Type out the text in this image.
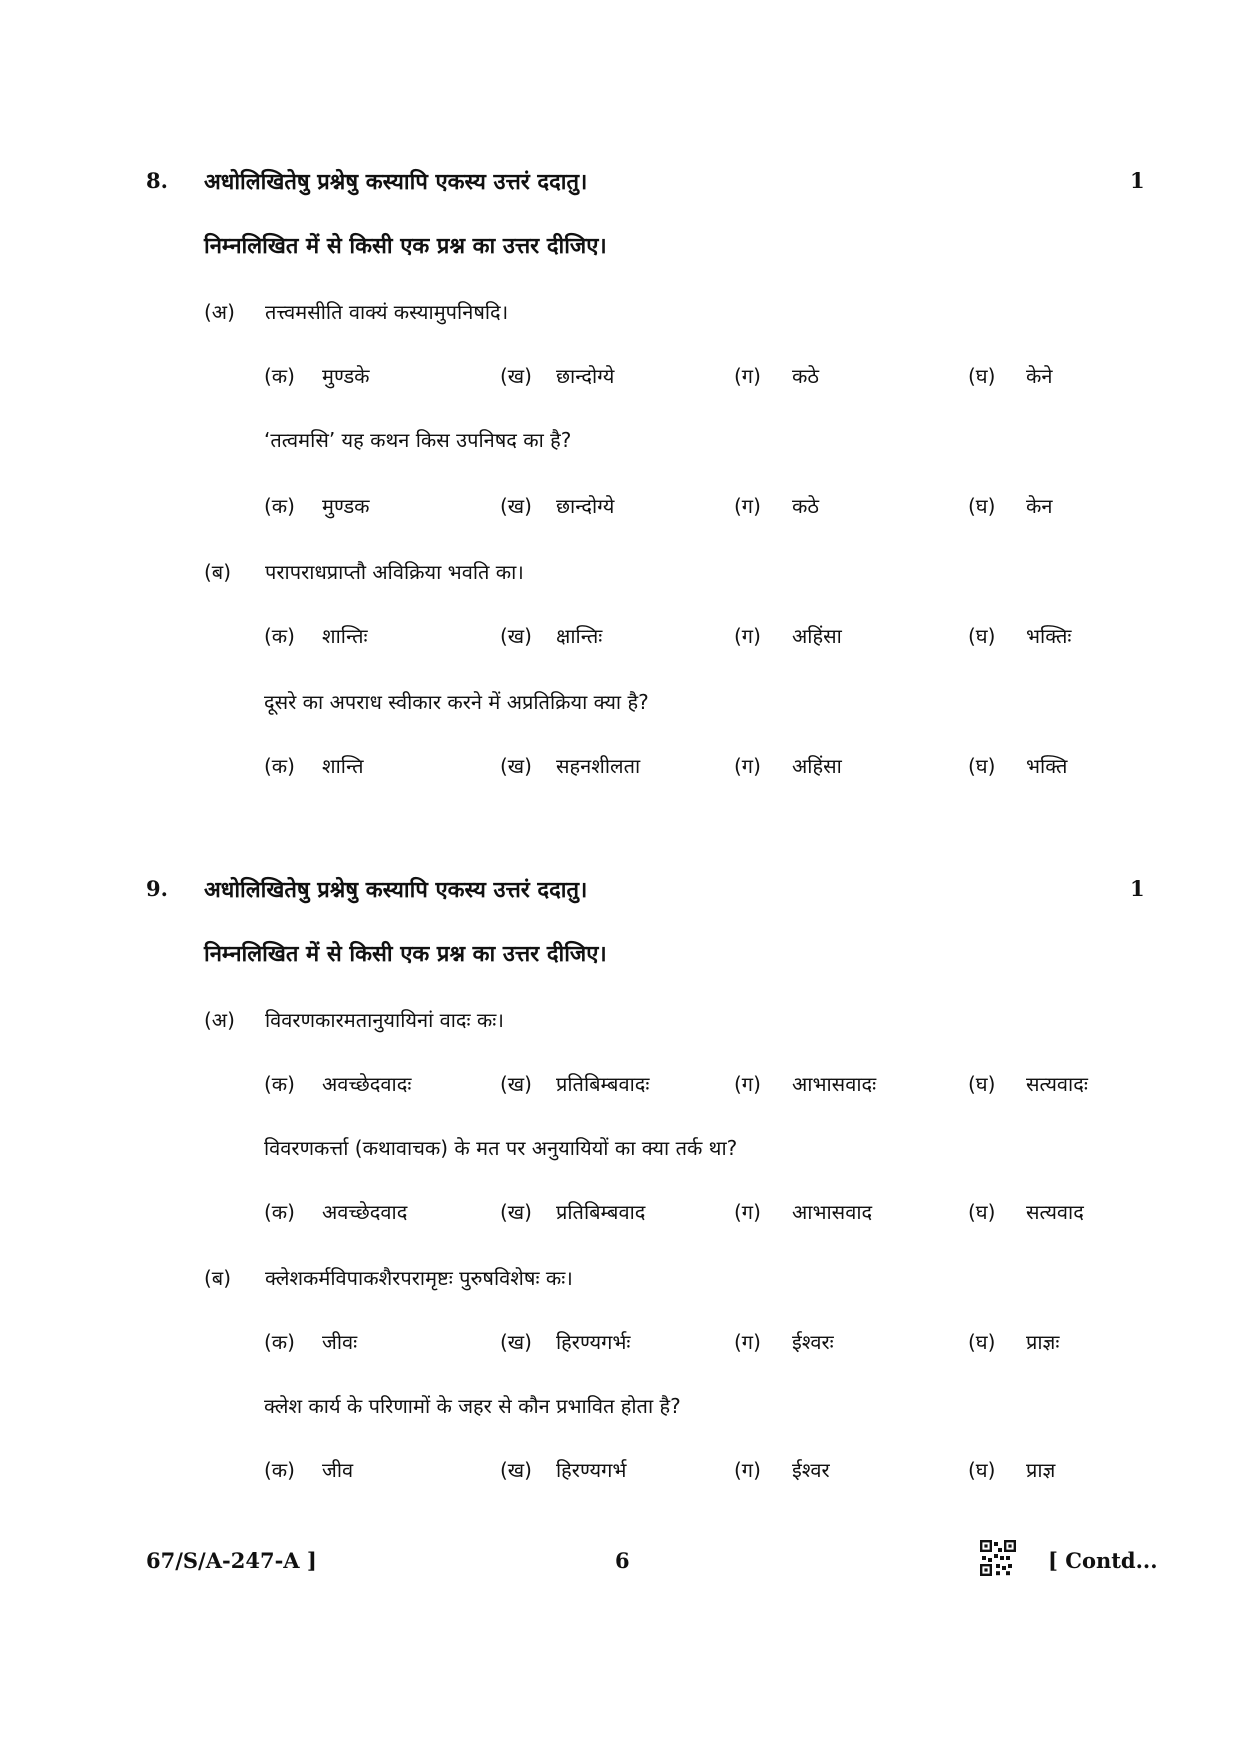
8. अधोलिखितेषु प्रश्नेषु कस्यापि एकस्य उत्तरं ददातु।	1
निम्नलिखित में से किसी एक प्रश्न का उत्तर दीजिए।
(अ) तत्त्वमसीति वाक्यं कस्यामुपनिषदि।
(क) मुण्डके	(ख) छान्दोग्ये	(ग) कठे	(घ) केने
‘तत्वमसि’ यह कथन किस उपनिषद का है?
(क) मुण्डक	(ख) छान्दोग्ये	(ग) कठे	(घ) केन
(ब) परापराधप्राप्तौ अविक्रिया भवति का।
(क) शान्तिः	(ख) क्षान्तिः	(ग) अहिंसा	(घ) भक्तिः
दूसरे का अपराध स्वीकार करने में अप्रतिक्रिया क्या है?
(क) शान्ति	(ख) सहनशीलता	(ग) अहिंसा	(घ) भक्ति
9. अधोलिखितेषु प्रश्नेषु कस्यापि एकस्य उत्तरं ददातु।	1
निम्नलिखित में से किसी एक प्रश्न का उत्तर दीजिए।
(अ) विवरणकारमतानुयायिनां वादः कः।
(क) अवच्छेदवादः	(ख) प्रतिबिम्बवादः	(ग) आभासवादः	(घ) सत्यवादः
विवरणकर्त्ता (कथावाचक) के मत पर अनुयायियों का क्या तर्क था?
(क) अवच्छेदवाद	(ख) प्रतिबिम्बवाद	(ग) आभासवाद	(घ) सत्यवाद
(ब) क्लेशकर्मविपाकशैरपरामृष्टः पुरुषविशेषः कः।
(क) जीवः	(ख) हिरण्यगर्भः	(ग) ईश्वरः	(घ) प्राज्ञः
क्लेश कार्य के परिणामों के जहर से कौन प्रभावित होता है?
(क) जीव	(ख) हिरण्यगर्भ	(ग) ईश्वर	(घ) प्राज्ञ
67/S/A-247-A ]	6	[ Contd...
